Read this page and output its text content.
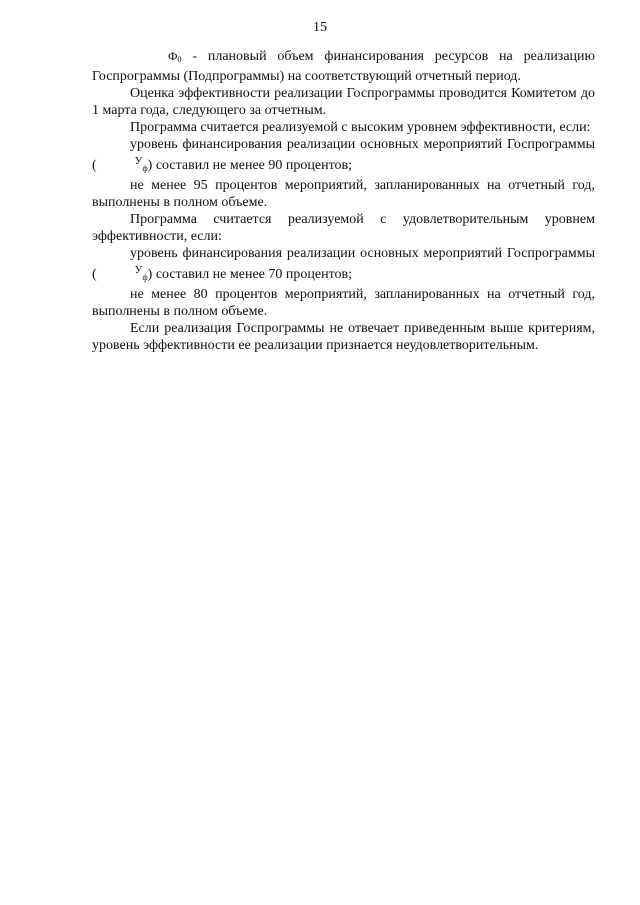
15

$Ф_0$ - плановый объем финансирования ресурсов на реализацию Госпрограммы (Подпрограммы) на соответствующий отчетный период.

Оценка эффективности реализации Госпрограммы проводится Комитетом до 1 марта года, следующего за отчетным.

Программа считается реализуемой с высоким уровнем эффективности, если:

уровень финансирования реализации основных мероприятий Госпрограммы (	$^У_ф$) составил не менее 90 процентов;

не менее 95 процентов мероприятий, запланированных на отчетный год, выполнены в полном объеме.

Программа считается реализуемой с удовлетворительным уровнем эффективности, если:

уровень финансирования реализации основных мероприятий Госпрограммы (	$^У_ф$) составил не менее 70 процентов;

не менее 80 процентов мероприятий, запланированных на отчетный год, выполнены в полном объеме.

Если реализация Госпрограммы не отвечает приведенным выше критериям, уровень эффективности ее реализации признается неудовлетворительным.
